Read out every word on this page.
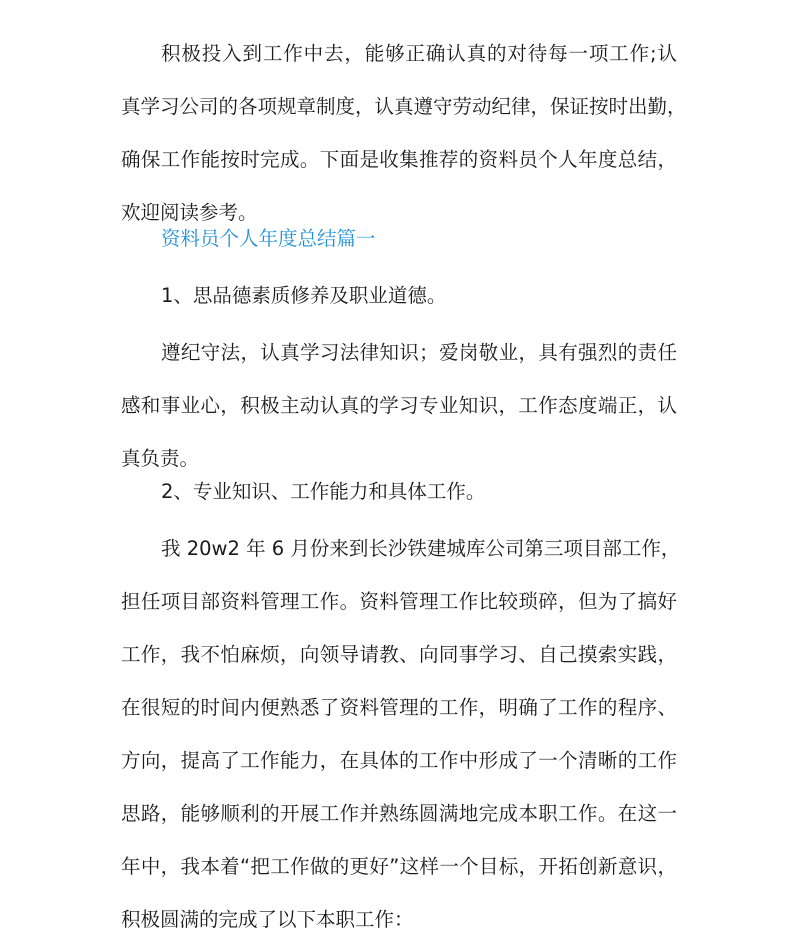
积极投入到工作中去，能够正确认真的对待每一项工作;认
真学习公司的各项规章制度，认真遵守劳动纪律，保证按时出勤，
确保工作能按时完成。下面是收集推荐的资料员个人年度总结，
欢迎阅读参考。

资料员个人年度总结篇一

1、思品德素质修养及职业道德。

遵纪守法，认真学习法律知识；爱岗敬业，具有强烈的责任
感和事业心，积极主动认真的学习专业知识，工作态度端正，认
真负责。

2、专业知识、工作能力和具体工作。

我 20w2 年 6 月份来到长沙铁建城库公司第三项目部工作，
担任项目部资料管理工作。资料管理工作比较琐碎，但为了搞好
工作，我不怕麻烦，向领导请教、向同事学习、自己摸索实践，
在很短的时间内便熟悉了资料管理的工作，明确了工作的程序、
方向，提高了工作能力，在具体的工作中形成了一个清晰的工作
思路，能够顺利的开展工作并熟练圆满地完成本职工作。在这一
年中，我本着“把工作做的更好”这样一个目标，开拓创新意识，
积极圆满的完成了以下本职工作：
